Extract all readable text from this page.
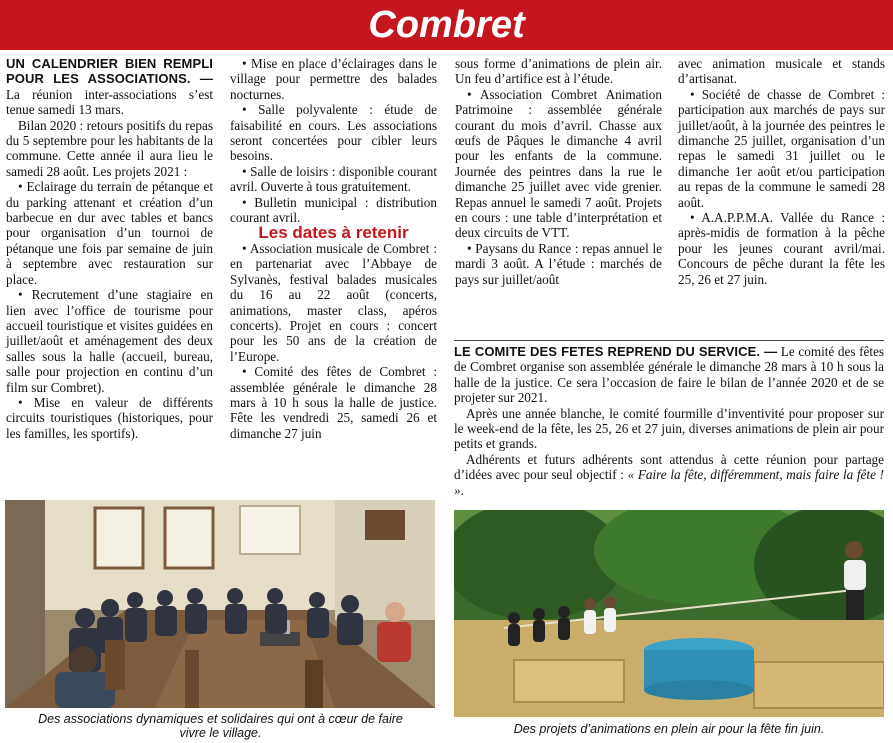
Combret

UN CALENDRIER BIEN REMPLI POUR LES ASSOCIATIONS. — La réunion inter-associations s’est tenue samedi 13 mars.

Bilan 2020 : retours positifs du repas du 5 septembre pour les habitants de la commune. Cette année il aura lieu le samedi 28 août. Les projets 2021 :

• Eclairage du terrain de pétanque et du parking attenant et création d’un barbecue en dur avec tables et bancs pour organisation d’un tournoi de pétanque une fois par semaine de juin à septembre avec restauration sur place.

• Recrutement d’une stagiaire en lien avec l’office de tourisme pour accueil touristique et visites guidées en juillet/août et aménagement des deux salles sous la halle (accueil, bureau, salle pour projection en continu d’un film sur Combret).

• Mise en valeur de différents circuits touristiques (historiques, pour les familles, les sportifs).

• Mise en place d’éclairages dans le village pour permettre des balades nocturnes.

• Salle polyvalente : étude de faisabilité en cours. Les associations seront concertées pour cibler leurs besoins.

• Salle de loisirs : disponible courant avril. Ouverte à tous gratuitement.

• Bulletin municipal : distribution courant avril.

Les dates à retenir

• Association musicale de Combret : en partenariat avec l’Abbaye de Sylvanès, festival balades musicales du 16 au 22 août (concerts, animations, master class, apéros concerts). Projet en cours : concert pour les 50 ans de la création de l’Europe.

• Comité des fêtes de Combret : assemblée générale le dimanche 28 mars à 10 h sous la halle de justice. Fête les vendredi 25, samedi 26 et dimanche 27 juin

sous forme d’animations de plein air. Un feu d’artifice est à l’étude.

• Association Combret Animation Patrimoine : assemblée générale courant du mois d’avril. Chasse aux œufs de Pâques le dimanche 4 avril pour les enfants de la commune. Journée des peintres dans la rue le dimanche 25 juillet avec vide grenier. Repas annuel le samedi 7 août. Projets en cours : une table d’interprétation et deux circuits de VTT.

• Paysans du Rance : repas annuel le mardi 3 août. A l’étude : marchés de pays sur juillet/août

avec animation musicale et stands d’artisanat.

• Société de chasse de Combret : participation aux marchés de pays sur juillet/août, à la journée des peintres le dimanche 25 juillet, organisation d’un repas le samedi 31 juillet ou le dimanche 1er août et/ou participation au repas de la commune le samedi 28 août.

• A.A.P.P.M.A. Vallée du Rance : après-midis de formation à la pêche pour les jeunes courant avril/mai. Concours de pêche durant la fête les 25, 26 et 27 juin.

LE COMITE DES FETES REPREND DU SERVICE. — Le comité des fêtes de Combret organise son assemblée générale le dimanche 28 mars à 10 h sous la halle de la justice. Ce sera l’occasion de faire le bilan de l’année 2020 et de se projeter sur 2021.

Après une année blanche, le comité fourmille d’inventivité pour proposer sur le week-end de la fête, les 25, 26 et 27 juin, diverses animations de plein air pour petits et grands.

Adhérents et futurs adhérents sont attendus à cette réunion pour partage d’idées avec pour seul objectif : « Faire la fête, différemment, mais faire la fête ! ».

Des associations dynamiques et solidaires qui ont à cœur de faire vivre le village.	Des projets d’animations en plein air pour la fête fin juin.
